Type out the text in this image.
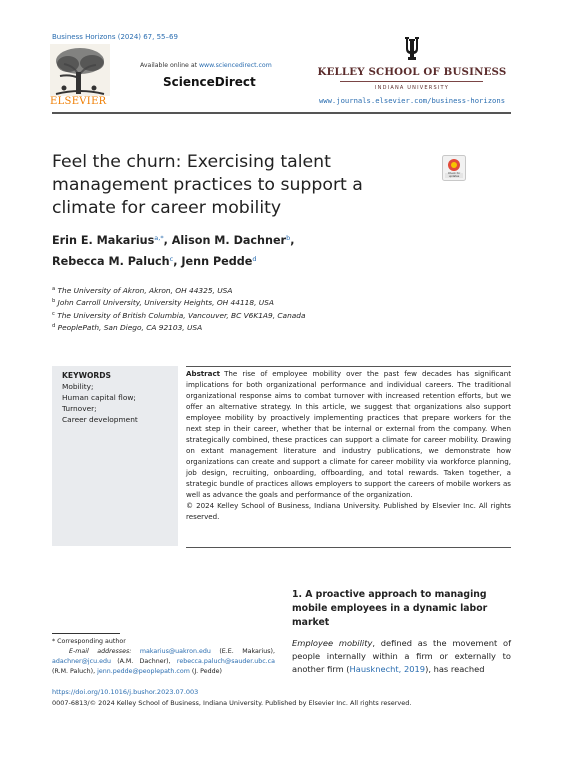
Business Horizons (2024) 67, 55–69
ELSEVIER
Available online at www.sciencedirect.com
ScienceDirect
KELLEY SCHOOL OF BUSINESS
INDIANA UNIVERSITY
www.journals.elsevier.com/business-horizons
Feel the churn: Exercising talent management practices to support a climate for career mobility
Check for updates
Erin E. Makarius$^{a,*}$, Alison M. Dachner$^b$,
Rebecca M. Paluch$^c$, Jenn Pedde$^d$
$^a$ The University of Akron, Akron, OH 44325, USA
$^b$ John Carroll University, University Heights, OH 44118, USA
$^c$ The University of British Columbia, Vancouver, BC V6K1A9, Canada
$^d$ PeoplePath, San Diego, CA 92103, USA
KEYWORDS
Mobility;
Human capital flow;
Turnover;
Career development
Abstract The rise of employee mobility over the past few decades has significant implications for both organizational performance and individual careers. The traditional organizational response aims to combat turnover with increased retention efforts, but we offer an alternative strategy. In this article, we suggest that organizations also support employee mobility by proactively implementing practices that prepare workers for the next step in their career, whether that be internal or external from the company. When strategically combined, these practices can support a climate for career mobility. Drawing on extant management literature and industry publications, we demonstrate how organizations can create and support a climate for career mobility via workforce planning, job design, recruiting, onboarding, offboarding, and total rewards. Taken together, a strategic bundle of practices allows employers to support the careers of mobile workers as well as advance the goals and performance of the organization.
© 2024 Kelley School of Business, Indiana University. Published by Elsevier Inc. All rights reserved.
1. A proactive approach to managing mobile employees in a dynamic labor market
Employee mobility, defined as the movement of people internally within a firm or externally to another firm (Hausknecht, 2019), has reached
* Corresponding author
E-mail addresses: makarius@uakron.edu (E.E. Makarius), adachner@jcu.edu (A.M. Dachner), rebecca.paluch@sauder.ubc.ca (R.M. Paluch), jenn.pedde@peoplepath.com (J. Pedde)
https://doi.org/10.1016/j.bushor.2023.07.003
0007-6813/© 2024 Kelley School of Business, Indiana University. Published by Elsevier Inc. All rights reserved.
